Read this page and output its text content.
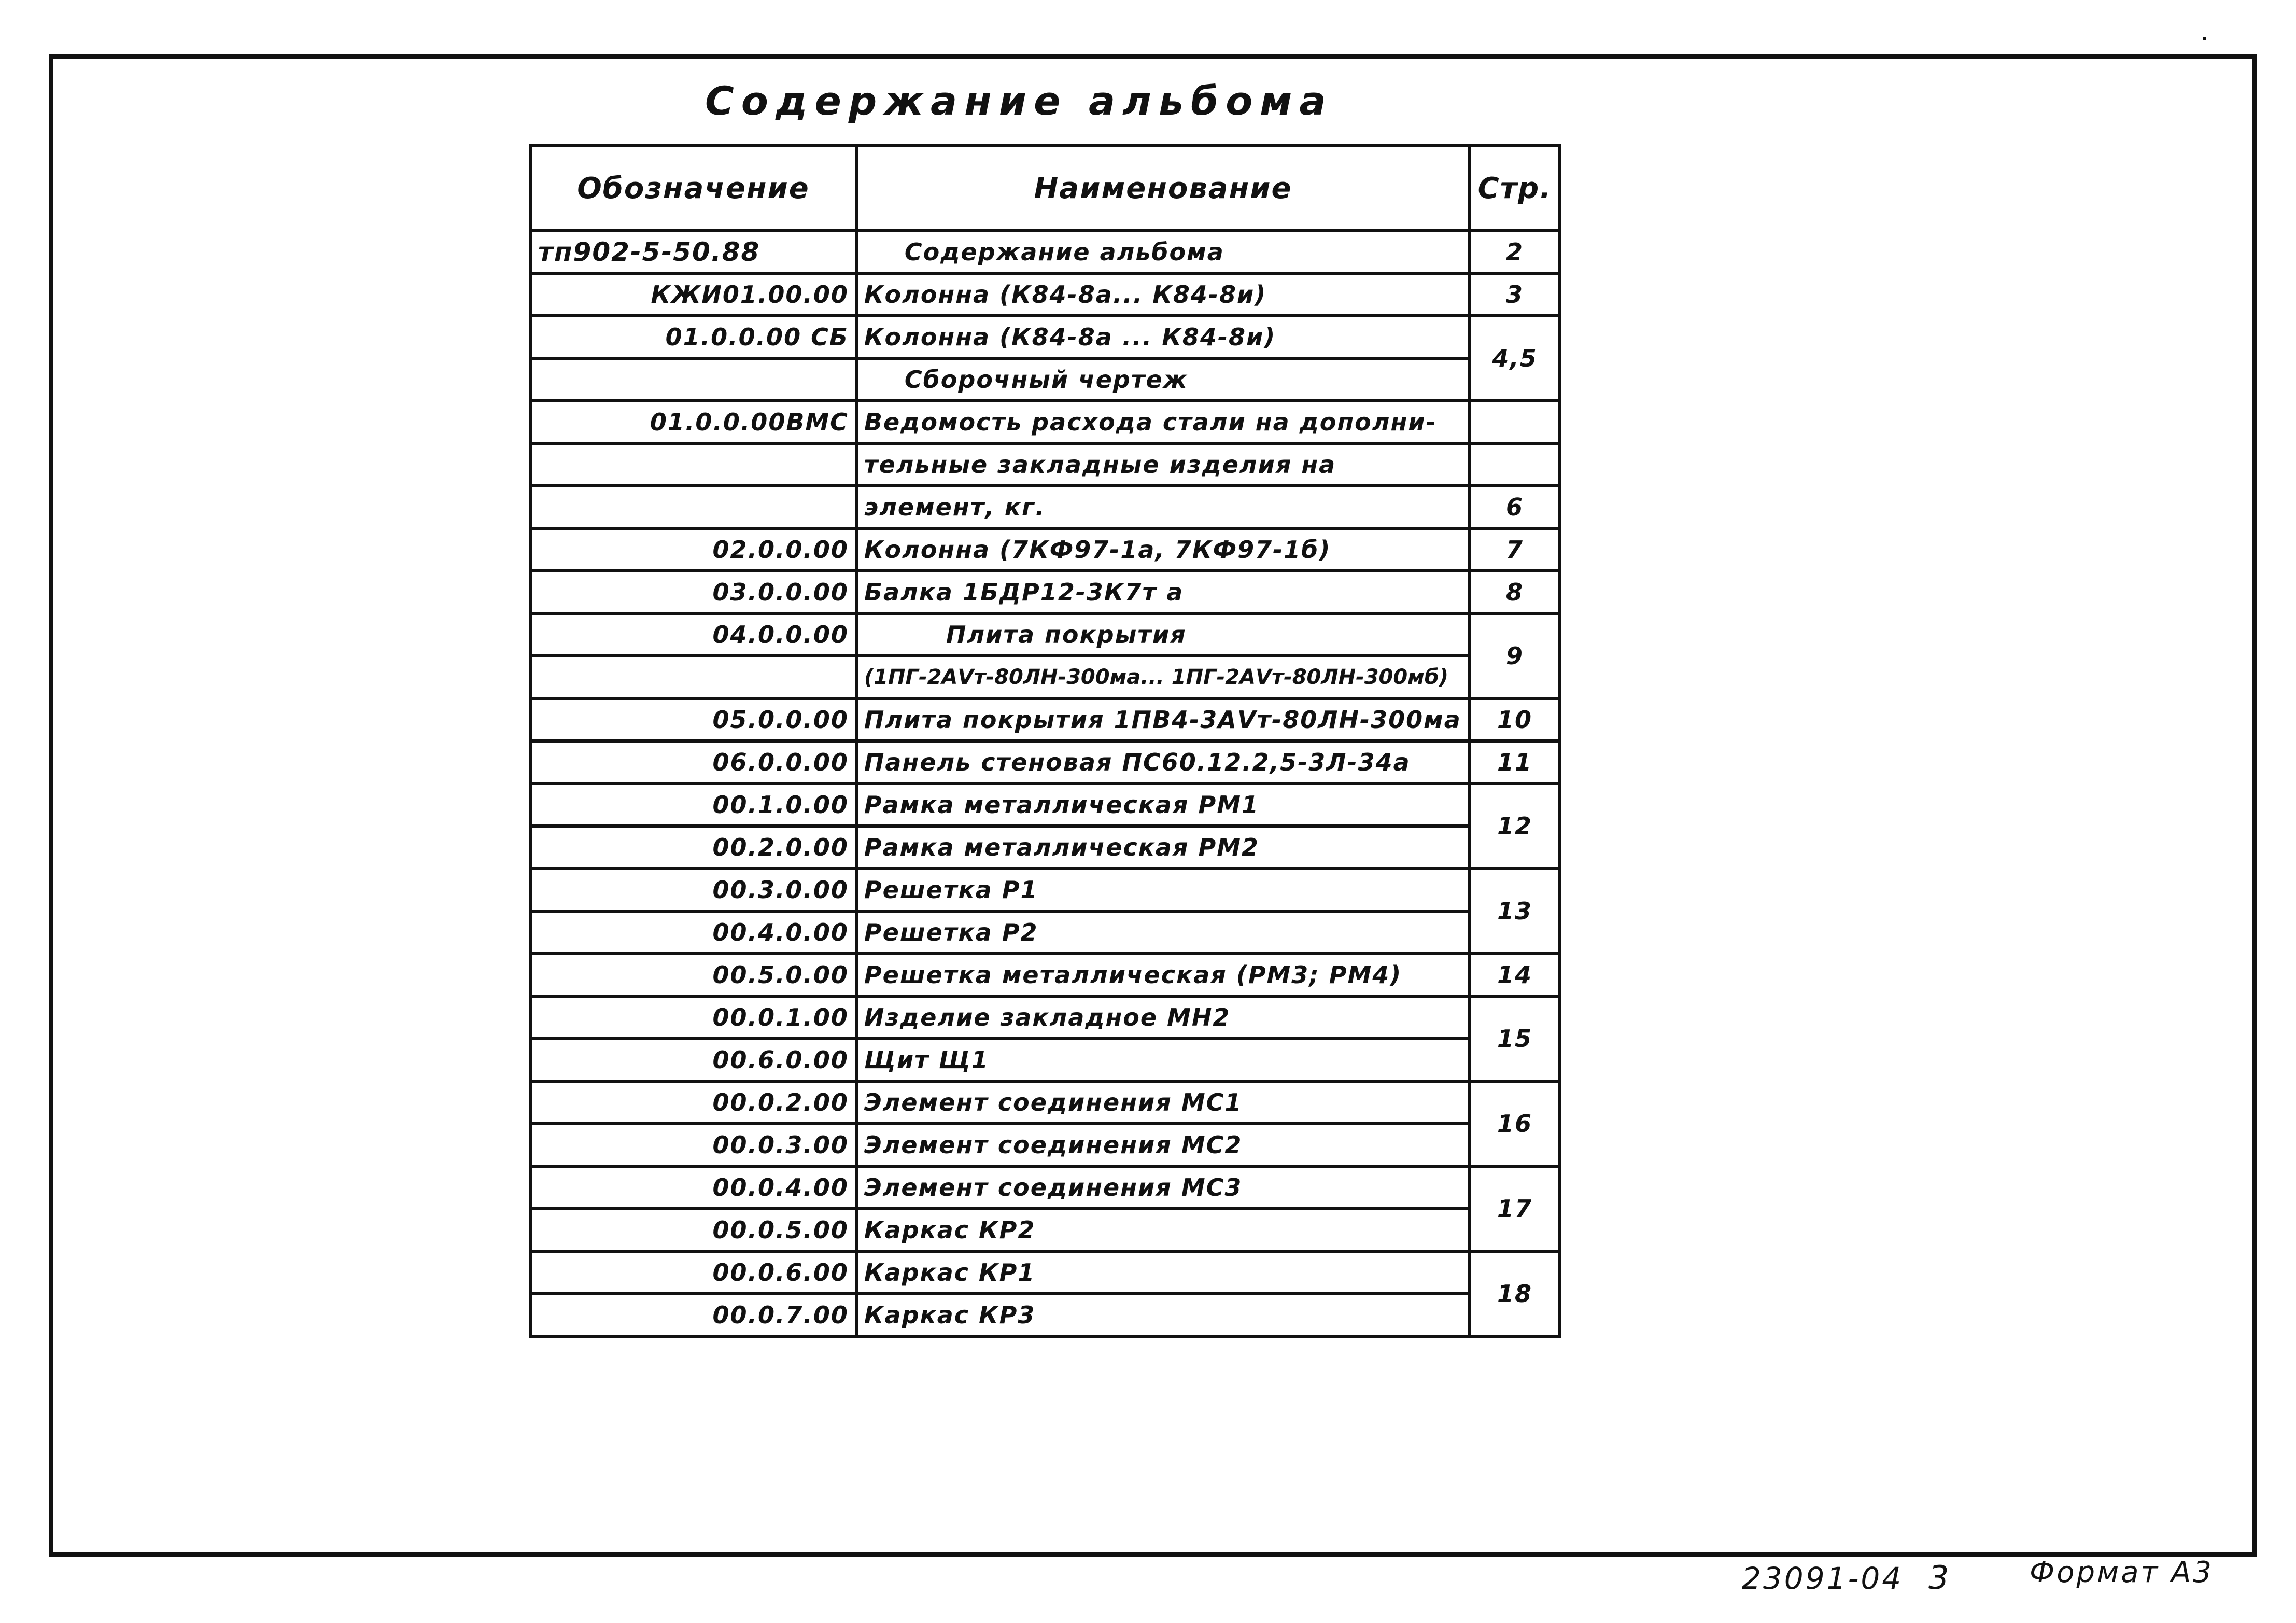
Содержание альбома
Обозначение	Наименование	Стр.
тп902-5-50.88	Содержание альбома	2
КЖИ01.00.00	Колонна (К84-8а... К84-8и)	3
01.0.0.00 СБ	Колонна (К84-8а ... К84-8и)	4,5
	Сборочный чертеж	
01.0.0.00ВМС	Ведомость расхода стали на дополни-	
	тельные закладные изделия на	
	элемент, кг.	6
02.0.0.00	Колонна (7КФ97-1а, 7КФ97-1б)	7
03.0.0.00	Балка 1БДР12-3К7т а	8
04.0.0.00	Плита покрытия	9
	(1ПГ-2АVт-80ЛН-300ма... 1ПГ-2АVт-80ЛН-300мб)	
05.0.0.00	Плита покрытия 1ПВ4-3АVт-80ЛН-300ма	10
06.0.0.00	Панель стеновая ПС60.12.2,5-3Л-34а	11
00.1.0.00	Рамка металлическая РМ1	12
00.2.0.00	Рамка металлическая РМ2	
00.3.0.00	Решетка Р1	13
00.4.0.00	Решетка Р2	
00.5.0.00	Решетка металлическая (РМ3; РМ4)	14
00.0.1.00	Изделие закладное МН2	15
00.6.0.00	Щит Щ1	
00.0.2.00	Элемент соединения МС1	16
00.0.3.00	Элемент соединения МС2	
00.0.4.00	Элемент соединения МС3	17
00.0.5.00	Каркас КР2	
00.0.6.00	Каркас КР1	18
00.0.7.00	Каркас КР3	
23091-04 3	Формат А3
